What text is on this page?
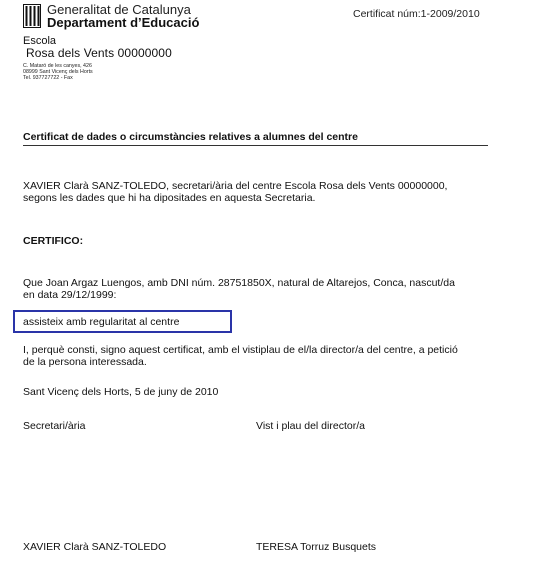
Generalitat de Catalunya
Departament d’Educació
Certificat núm:1-2009/2010
Escola
Rosa dels Vents 00000000
C. Mataró de les canyes, 426
08999 Sant Vicenç dels Horts
Tel. 937727722 - Fax
Certificat de dades o circumstàncies relatives a alumnes del centre
XAVIER Clarà SANZ-TOLEDO, secretari/ària del centre Escola Rosa dels Vents 00000000,
segons les dades que hi ha dipositades en aquesta Secretaria.
CERTIFICO:
Que Joan Argaz Luengos, amb DNI núm. 28751850X, natural de Altarejos, Conca, nascut/da
en data 29/12/1999:
assisteix amb regularitat al centre
I, perquè consti, signo aquest certificat, amb el vistiplau de el/la director/a del centre, a petició
de la persona interessada.
Sant Vicenç dels Horts, 5 de juny de 2010
Secretari/ària	Vist i plau del director/a
XAVIER Clarà SANZ-TOLEDO	TERESA Torruz Busquets
